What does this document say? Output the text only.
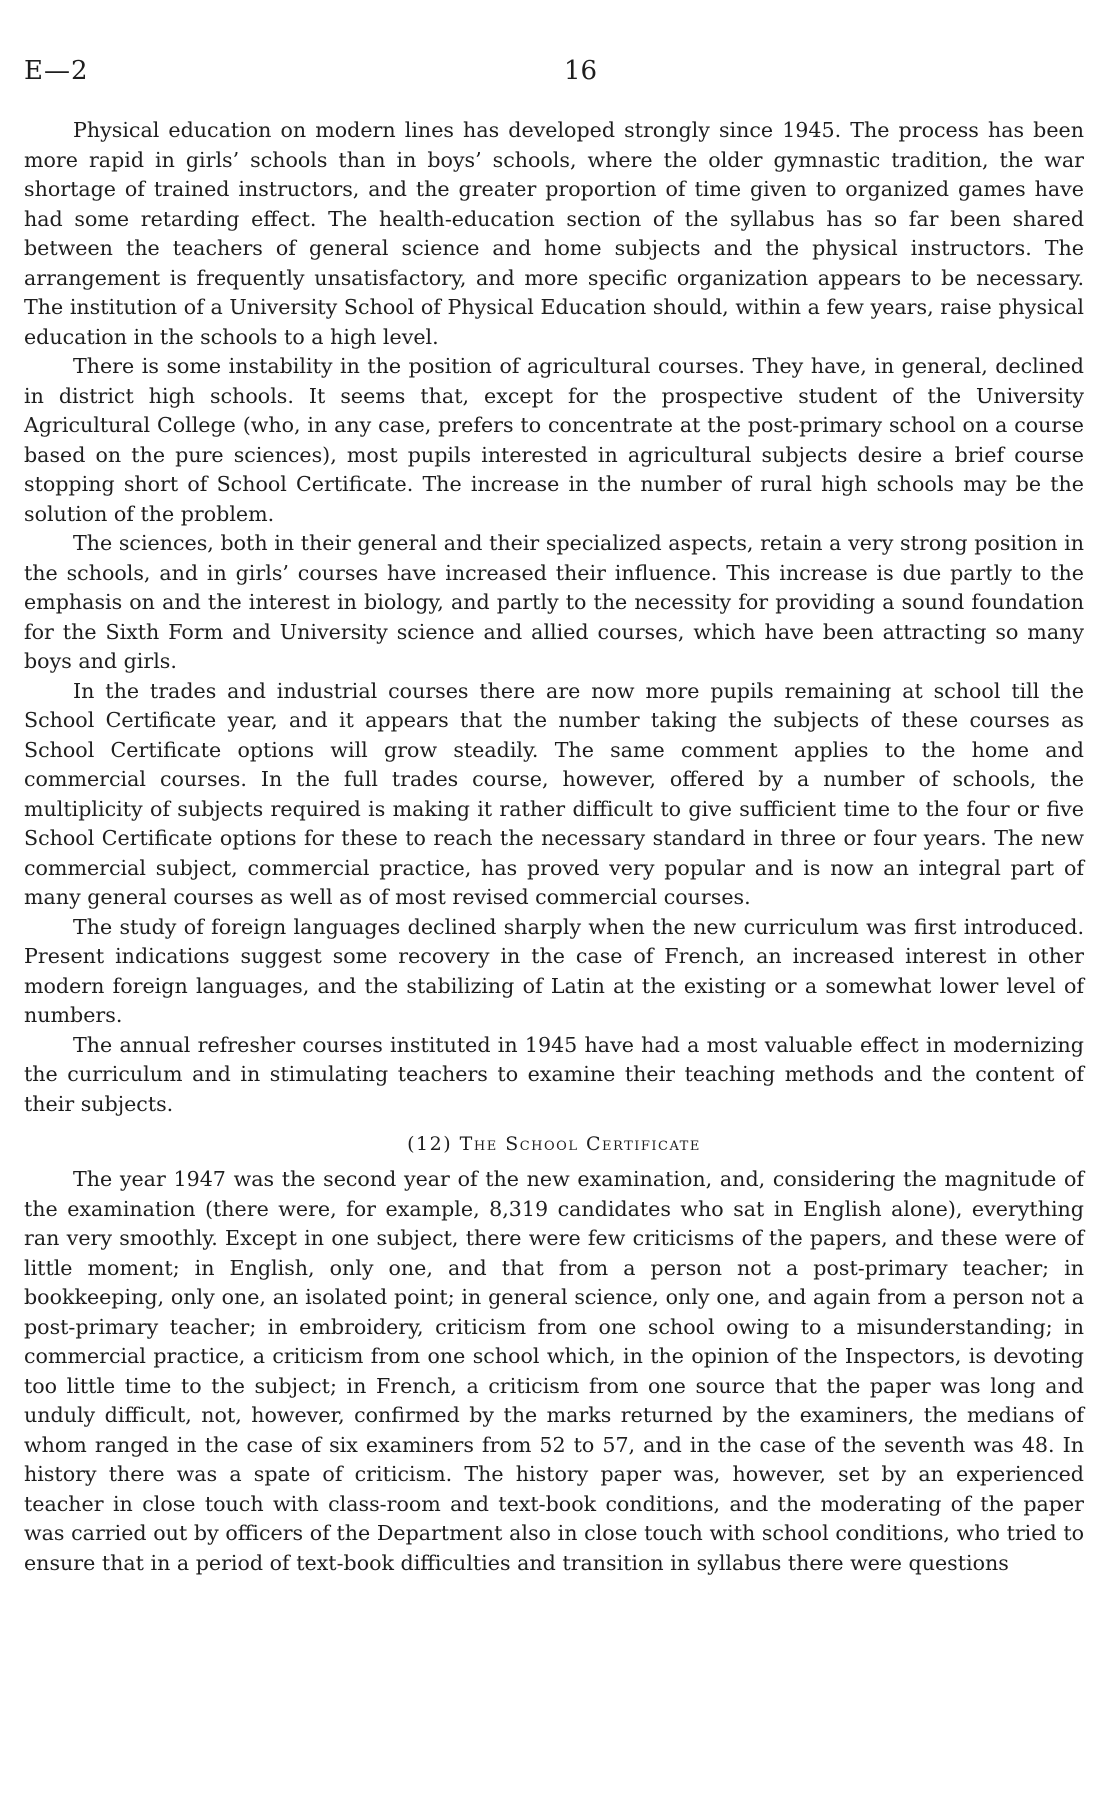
E—2	16

Physical education on modern lines has developed strongly since 1945. The process has been more rapid in girls’ schools than in boys’ schools, where the older gymnastic tradition, the war shortage of trained instructors, and the greater proportion of time given to organized games have had some retarding effect. The health-education section of the syllabus has so far been shared between the teachers of general science and home subjects and the physical instructors. The arrangement is frequently unsatisfactory, and more specific organization appears to be necessary. The institution of a University School of Physical Education should, within a few years, raise physical education in the schools to a high level.

There is some instability in the position of agricultural courses. They have, in general, declined in district high schools. It seems that, except for the prospective student of the University Agricultural College (who, in any case, prefers to concentrate at the post-primary school on a course based on the pure sciences), most pupils interested in agricultural subjects desire a brief course stopping short of School Certificate. The increase in the number of rural high schools may be the solution of the problem.

The sciences, both in their general and their specialized aspects, retain a very strong position in the schools, and in girls’ courses have increased their influence. This increase is due partly to the emphasis on and the interest in biology, and partly to the necessity for providing a sound foundation for the Sixth Form and University science and allied courses, which have been attracting so many boys and girls.

In the trades and industrial courses there are now more pupils remaining at school till the School Certificate year, and it appears that the number taking the subjects of these courses as School Certificate options will grow steadily. The same comment applies to the home and commercial courses. In the full trades course, however, offered by a number of schools, the multiplicity of subjects required is making it rather difficult to give sufficient time to the four or five School Certificate options for these to reach the necessary standard in three or four years. The new commercial subject, commercial practice, has proved very popular and is now an integral part of many general courses as well as of most revised commercial courses.

The study of foreign languages declined sharply when the new curriculum was first introduced. Present indications suggest some recovery in the case of French, an increased interest in other modern foreign languages, and the stabilizing of Latin at the existing or a somewhat lower level of numbers.

The annual refresher courses instituted in 1945 have had a most valuable effect in modernizing the curriculum and in stimulating teachers to examine their teaching methods and the content of their subjects.

(12) The School Certificate

The year 1947 was the second year of the new examination, and, considering the magnitude of the examination (there were, for example, 8,319 candidates who sat in English alone), everything ran very smoothly. Except in one subject, there were few criticisms of the papers, and these were of little moment; in English, only one, and that from a person not a post-primary teacher; in bookkeeping, only one, an isolated point; in general science, only one, and again from a person not a post-primary teacher; in embroidery, criticism from one school owing to a misunderstanding; in commercial practice, a criticism from one school which, in the opinion of the Inspectors, is devoting too little time to the subject; in French, a criticism from one source that the paper was long and unduly difficult, not, however, confirmed by the marks returned by the examiners, the medians of whom ranged in the case of six examiners from 52 to 57, and in the case of the seventh was 48. In history there was a spate of criticism. The history paper was, however, set by an experienced teacher in close touch with class-room and text-book conditions, and the moderating of the paper was carried out by officers of the Department also in close touch with school conditions, who tried to ensure that in a period of text-book difficulties and transition in syllabus there were questions
